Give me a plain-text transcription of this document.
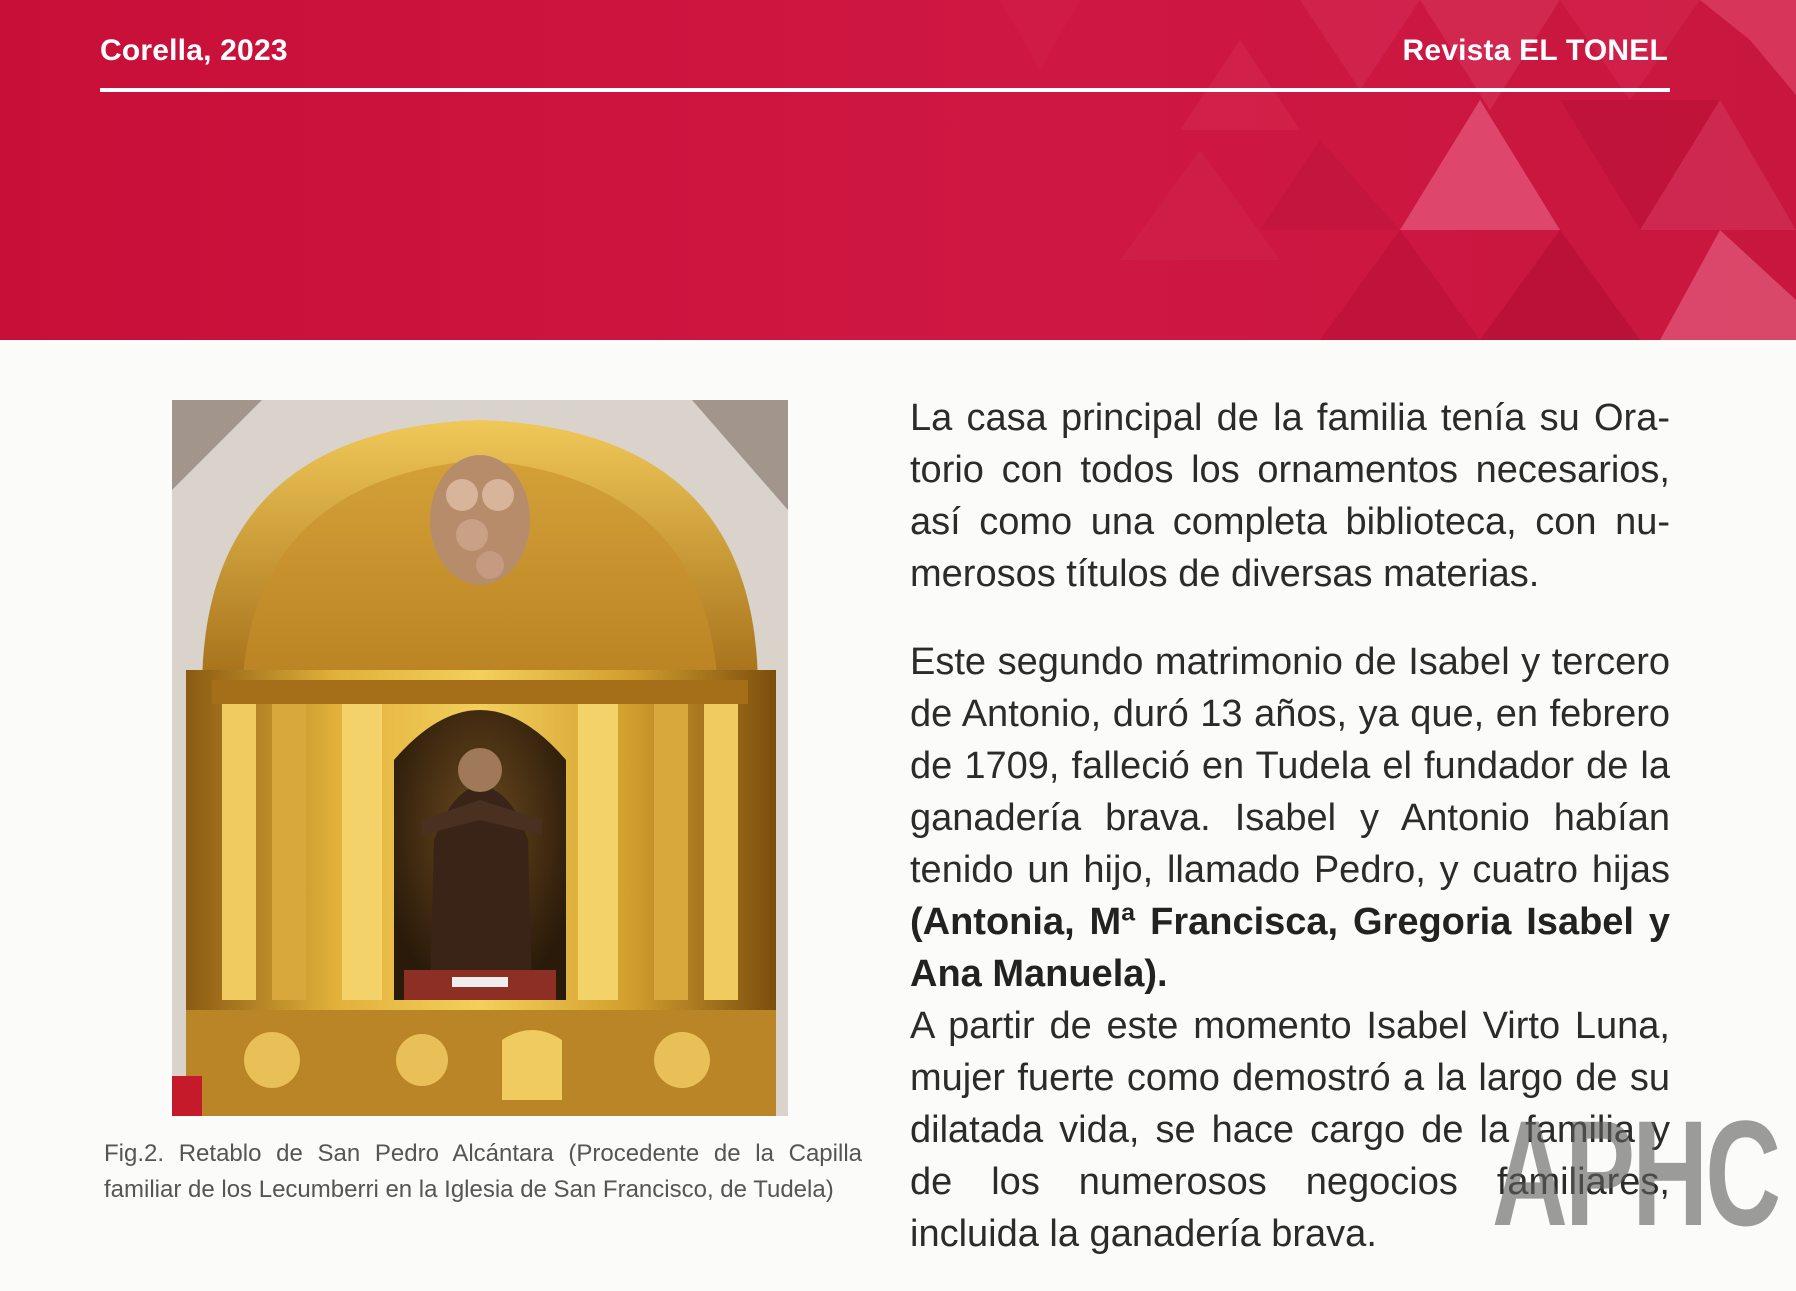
Corella, 2023	Revista EL TONEL
Fig.2. Retablo de San Pedro Alcántara (Procedente de la Capilla familiar de los Lecumberri en la Iglesia de San Francisco, de Tudela)

La casa principal de la familia tenía su Oratorio con todos los ornamentos necesarios, así como una completa biblioteca, con numerosos títulos de diversas materias.

Este segundo matrimonio de Isabel y tercero de Antonio, duró 13 años, ya que, en febrero de 1709, falleció en Tudela el fundador de la ganadería brava. Isabel y Antonio habían tenido un hijo, llamado Pedro, y cuatro hijas (Antonia, Mª Francisca, Gregoria Isabel y Ana Manuela).

A partir de este momento Isabel Virto Luna, mujer fuerte como demostró a la largo de su dilatada vida, se hace cargo de la familia y de los numerosos negocios familiares, incluida la ganadería brava. APHC
